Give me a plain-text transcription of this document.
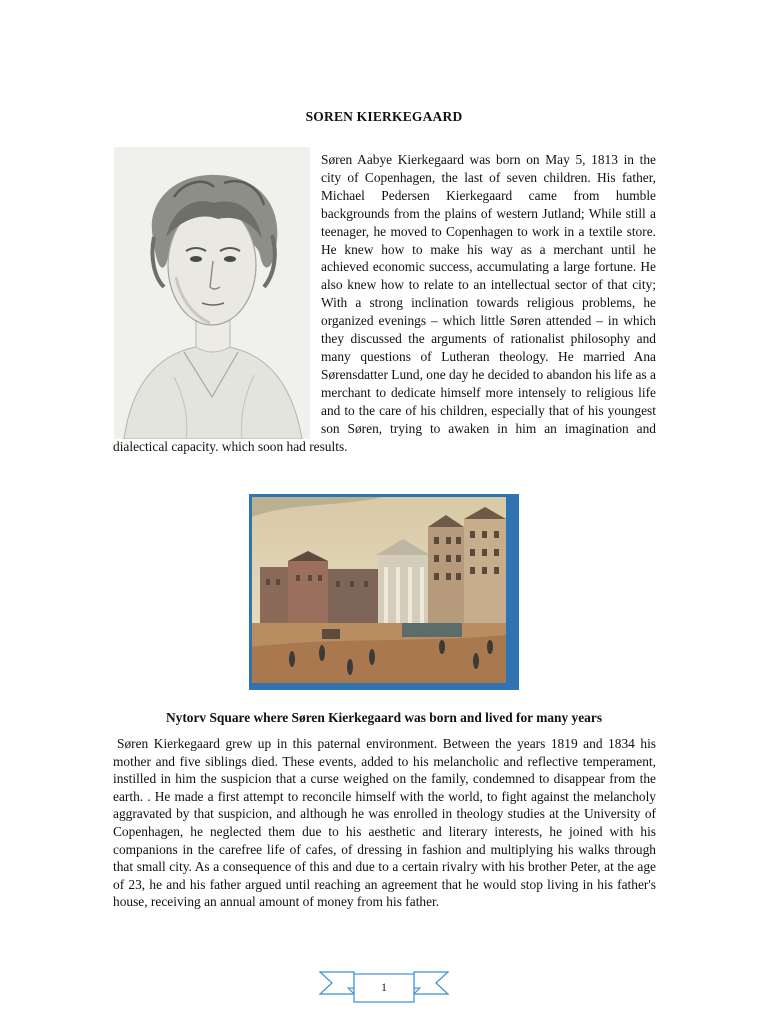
SOREN KIERKEGAARD

Søren Aabye Kierkegaard was born on May 5, 1813 in the city of Copenhagen, the last of seven children. His father, Michael Pedersen Kierkegaard came from humble backgrounds from the plains of western Jutland; While still a teenager, he moved to Copenhagen to work in a textile store. He knew how to make his way as a merchant until he achieved economic success, accumulating a large fortune. He also knew how to relate to an intellectual sector of that city; With a strong inclination towards religious problems, he organized evenings – which little Søren attended – in which they discussed the arguments of rationalist philosophy and many questions of Lutheran theology. He married Ana Sørensdatter Lund, one day he decided to abandon his life as a merchant to dedicate himself more intensely to religious life and to the care of his children, especially that of his youngest son Søren, trying to awaken in him an imagination and dialectical capacity. which soon had results.

Nytorv Square where Søren Kierkegaard was born and lived for many years

Søren Kierkegaard grew up in this paternal environment. Between the years 1819 and 1834 his mother and five siblings died. These events, added to his melancholic and reflective temperament, instilled in him the suspicion that a curse weighed on the family, condemned to disappear from the earth. . He made a first attempt to reconcile himself with the world, to fight against the melancholy aggravated by that suspicion, and although he was enrolled in theology studies at the University of Copenhagen, he neglected them due to his aesthetic and literary interests, he joined with his companions in the carefree life of cafes, of dressing in fashion and multiplying his walks through that small city. As a consequence of this and due to a certain rivalry with his brother Peter, at the age of 23, he and his father argued until reaching an agreement that he would stop living in his father's house, receiving an annual amount of money from his father.

1
